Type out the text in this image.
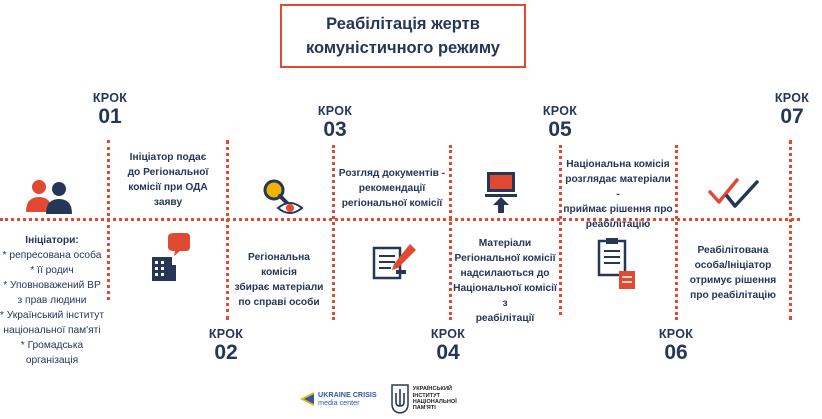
Реабілітація жертв
комуністичного режиму
КРОК
01	КРОК
03
КРОК
05
КРОК
07
КРОК
02
КРОК
04
КРОК
06
Ініціатор подає
до Регіональної
комісії при ОДА
заяву
Регіональна комісія
збирає матеріали
по справі особи
Розгляд документів -
рекомендації
регіональної комісії
Матеріали
Регіональної комісії
надсилаються до
Національної комісії з
реабілітації
Національна комісія
розглядає матеріали -
приймає рішення про
реабілітацію
Реабілітована
особа/Ініціатор
отримує рішення
про реабілітацію
Ініціатори:
* репресована особа
* її родич
* Уповноважений ВР
з прав людини
* Український інститут
національної пам'яті
* Громадська
організація
UKRAINE CRISIS
media center
УКРАЇНСЬКИЙ
ІНСТИТУТ
НАЦІОНАЛЬНОЇ
ПАМ'ЯТІ
